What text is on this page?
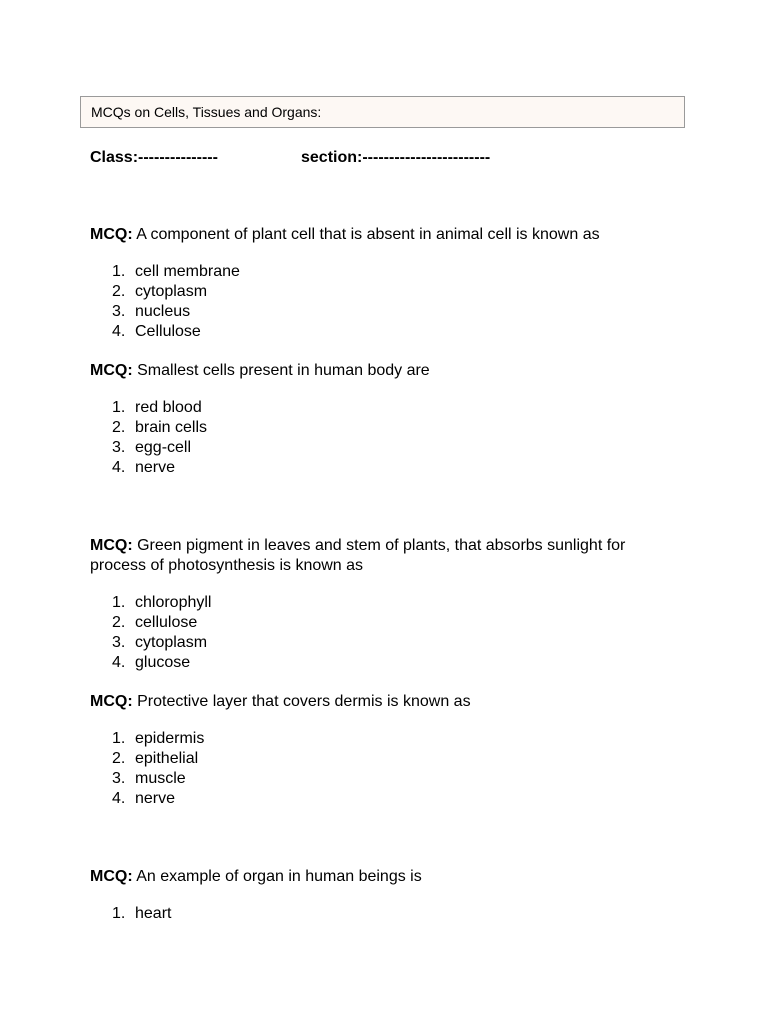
MCQs on Cells, Tissues and Organs:
Class:---------------	section:------------------------
MCQ: A component of plant cell that is absent in animal cell is known as
1. cell membrane
2. cytoplasm
3. nucleus
4. Cellulose
MCQ: Smallest cells present in human body are
1. red blood
2. brain cells
3. egg-cell
4. nerve
MCQ: Green pigment in leaves and stem of plants, that absorbs sunlight for process of photosynthesis is known as
1. chlorophyll
2. cellulose
3. cytoplasm
4. glucose
MCQ: Protective layer that covers dermis is known as
1. epidermis
2. epithelial
3. muscle
4. nerve
MCQ: An example of organ in human beings is
1. heart
